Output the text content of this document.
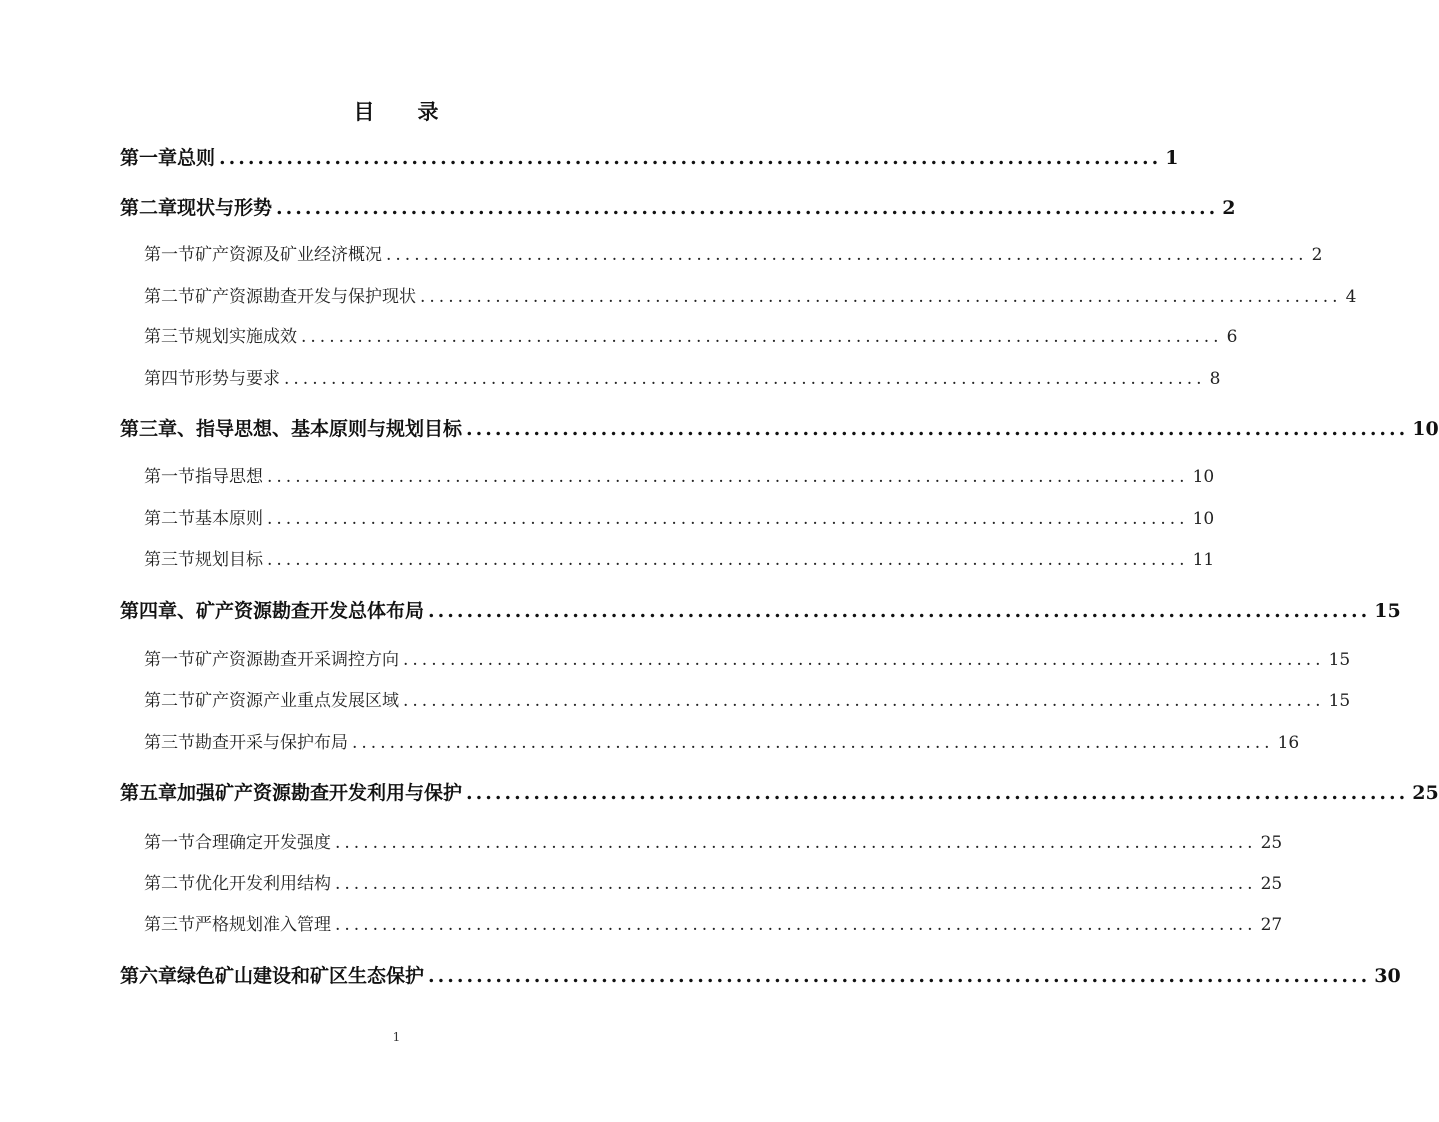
目 录
第一章 总则 .................................................................................................. 1
第二章 现状与形势 .................................................................................................. 2
第一节 矿产资源及矿业经济概况 .................................................................................................. 2
第二节 矿产资源勘查开发与保护现状 .................................................................................................. 4
第三节 规划实施成效 .................................................................................................. 6
第四节 形势与要求 .................................................................................................. 8
第三章、 指导思想、基本原则与规划目标 .................................................................................................. 10
第一节 指导思想 .................................................................................................. 10
第二节 基本原则 .................................................................................................. 10
第三节 规划目标 .................................................................................................. 11
第四章、 矿产资源勘查开发总体布局 .................................................................................................. 15
第一节 矿产资源勘查开采调控方向 .................................................................................................. 15
第二节 矿产资源产业重点发展区域 .................................................................................................. 15
第三节 勘查开采与保护布局 .................................................................................................. 16
第五章 加强矿产资源勘查开发利用与保护 .................................................................................................. 25
第一节 合理确定开发强度 .................................................................................................. 25
第二节 优化开发利用结构 .................................................................................................. 25
第三节 严格规划准入管理 .................................................................................................. 27
第六章 绿色矿山建设和矿区生态保护 .................................................................................................. 30
1
